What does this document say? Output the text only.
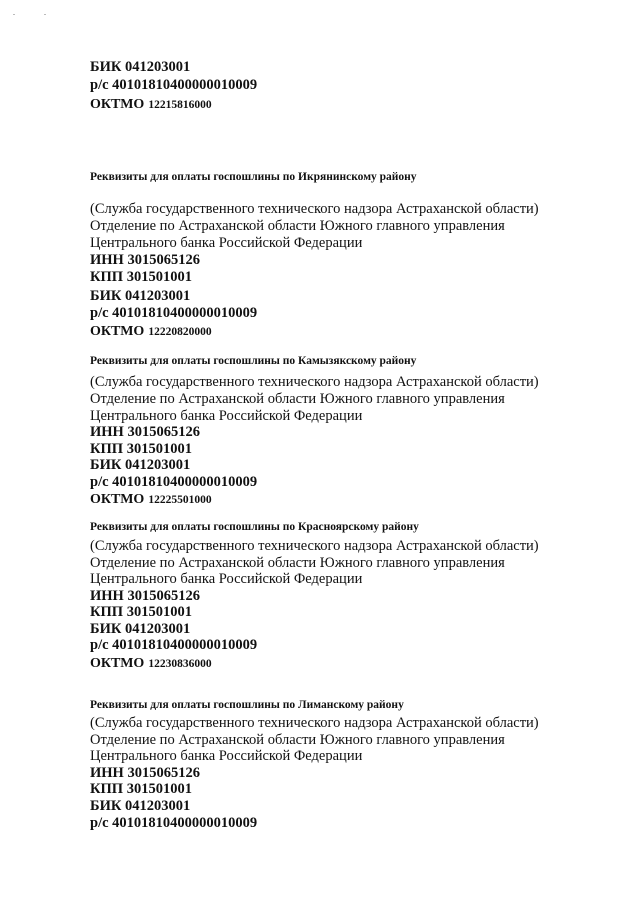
БИК 041203001
р/с 40101810400000010009
ОКТМО 12215816000
Реквизиты для оплаты госпошлины по Икрянинскому району
(Служба государственного технического надзора Астраханской области)
Отделение по Астраханской области Южного главного управления
Центрального банка Российской Федерации
ИНН 3015065126
КПП 301501001
БИК 041203001
р/с 40101810400000010009
ОКТМО 12220820000
Реквизиты для оплаты госпошлины по Камызякскому району
(Служба государственного технического надзора Астраханской области)
Отделение по Астраханской области Южного главного управления
Центрального банка Российской Федерации
ИНН 3015065126
КПП 301501001
БИК 041203001
р/с 40101810400000010009
ОКТМО 12225501000
Реквизиты для оплаты госпошлины по Красноярскому району
(Служба государственного технического надзора Астраханской области)
Отделение по Астраханской области Южного главного управления
Центрального банка Российской Федерации
ИНН 3015065126
КПП 301501001
БИК 041203001
р/с 40101810400000010009
ОКТМО 12230836000
Реквизиты для оплаты госпошлины по Лиманскому району
(Служба государственного технического надзора Астраханской области)
Отделение по Астраханской области Южного главного управления
Центрального банка Российской Федерации
ИНН 3015065126
КПП 301501001
БИК 041203001
р/с 40101810400000010009
